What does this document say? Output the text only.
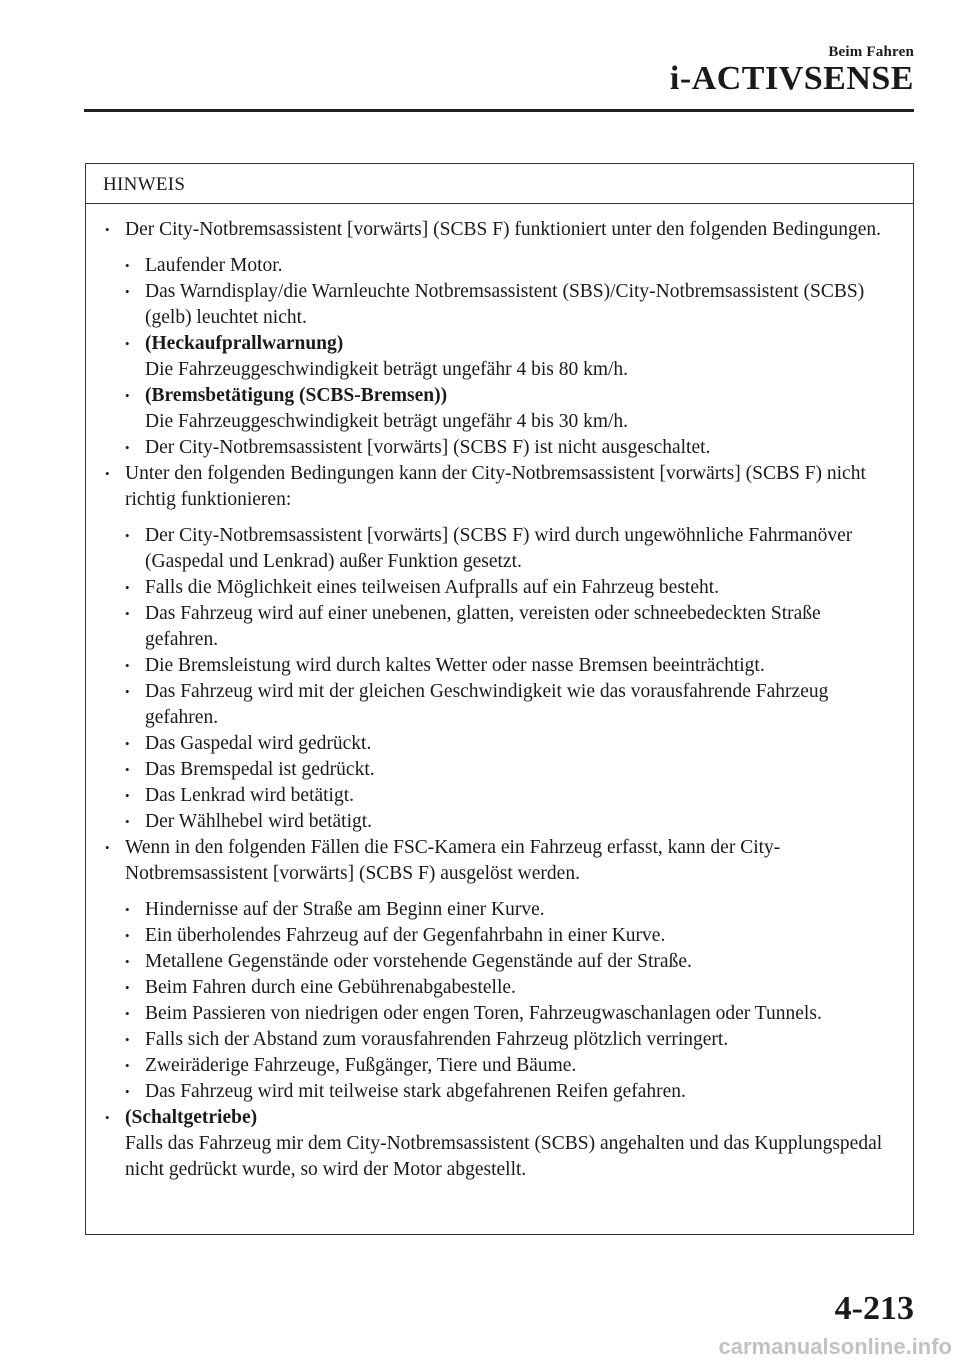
Beim Fahren
i-ACTIVSENSE
HINWEIS
• Der City-Notbremsassistent [vorwärts] (SCBS F) funktioniert unter den folgenden Bedingungen.
• Laufender Motor.
• Das Warndisplay/die Warnleuchte Notbremsassistent (SBS)/City-Notbremsassistent (SCBS) (gelb) leuchtet nicht.
• (Heckaufprallwarnung)
Die Fahrzeuggeschwindigkeit beträgt ungefähr 4 bis 80 km/h.
• (Bremsbetätigung (SCBS-Bremsen))
Die Fahrzeuggeschwindigkeit beträgt ungefähr 4 bis 30 km/h.
• Der City-Notbremsassistent [vorwärts] (SCBS F) ist nicht ausgeschaltet.
• Unter den folgenden Bedingungen kann der City-Notbremsassistent [vorwärts] (SCBS F) nicht richtig funktionieren:
• Der City-Notbremsassistent [vorwärts] (SCBS F) wird durch ungewöhnliche Fahrmanöver (Gaspedal und Lenkrad) außer Funktion gesetzt.
• Falls die Möglichkeit eines teilweisen Aufpralls auf ein Fahrzeug besteht.
• Das Fahrzeug wird auf einer unebenen, glatten, vereisten oder schneebedeckten Straße gefahren.
• Die Bremsleistung wird durch kaltes Wetter oder nasse Bremsen beeinträchtigt.
• Das Fahrzeug wird mit der gleichen Geschwindigkeit wie das vorausfahrende Fahrzeug gefahren.
• Das Gaspedal wird gedrückt.
• Das Bremspedal ist gedrückt.
• Das Lenkrad wird betätigt.
• Der Wählhebel wird betätigt.
• Wenn in den folgenden Fällen die FSC-Kamera ein Fahrzeug erfasst, kann der City-Notbremsassistent [vorwärts] (SCBS F) ausgelöst werden.
• Hindernisse auf der Straße am Beginn einer Kurve.
• Ein überholendes Fahrzeug auf der Gegenfahrbahn in einer Kurve.
• Metallene Gegenstände oder vorstehende Gegenstände auf der Straße.
• Beim Fahren durch eine Gebührenabgabestelle.
• Beim Passieren von niedrigen oder engen Toren, Fahrzeugwaschanlagen oder Tunnels.
• Falls sich der Abstand zum vorausfahrenden Fahrzeug plötzlich verringert.
• Zweiräderige Fahrzeuge, Fußgänger, Tiere und Bäume.
• Das Fahrzeug wird mit teilweise stark abgefahrenen Reifen gefahren.
• (Schaltgetriebe)
Falls das Fahrzeug mir dem City-Notbremsassistent (SCBS) angehalten und das Kupplungspedal nicht gedrückt wurde, so wird der Motor abgestellt.
4-213
carmanualsonline.info
